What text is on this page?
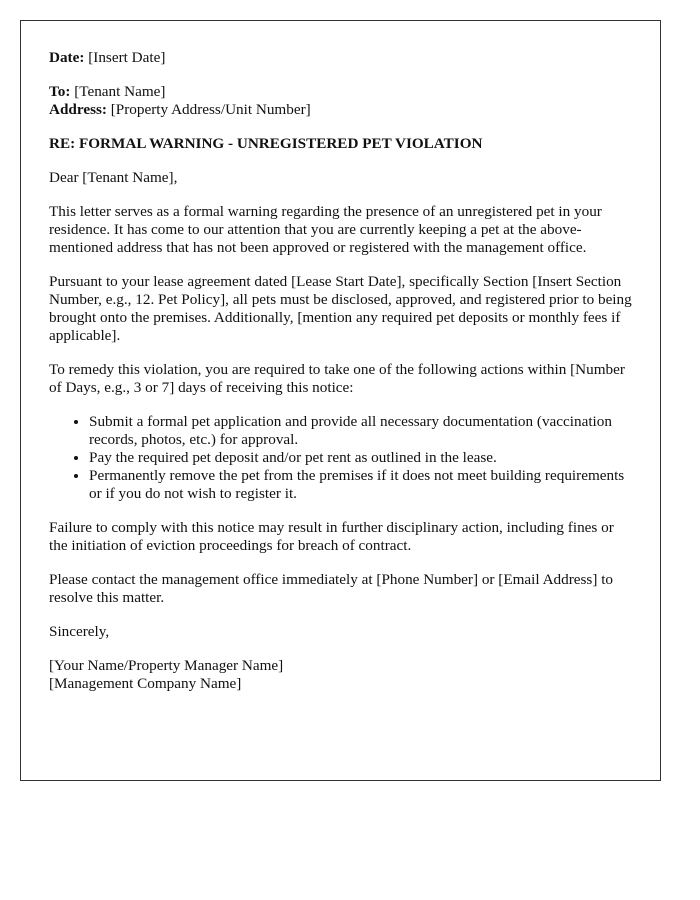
Date: [Insert Date]

To: [Tenant Name]

Address: [Property Address/Unit Number]

RE: FORMAL WARNING - UNREGISTERED PET VIOLATION

Dear [Tenant Name],

This letter serves as a formal warning regarding the presence of an unregistered pet in your residence. It has come to our attention that you are currently keeping a pet at the above-mentioned address that has not been approved or registered with the management office.

Pursuant to your lease agreement dated [Lease Start Date], specifically Section [Insert Section Number, e.g., 12. Pet Policy], all pets must be disclosed, approved, and registered prior to being brought onto the premises. Additionally, [mention any required pet deposits or monthly fees if applicable].

To remedy this violation, you are required to take one of the following actions within [Number of Days, e.g., 3 or 7] days of receiving this notice:

• Submit a formal pet application and provide all necessary documentation (vaccination records, photos, etc.) for approval.
• Pay the required pet deposit and/or pet rent as outlined in the lease.
• Permanently remove the pet from the premises if it does not meet building requirements or if you do not wish to register it.

Failure to comply with this notice may result in further disciplinary action, including fines or the initiation of eviction proceedings for breach of contract.

Please contact the management office immediately at [Phone Number] or [Email Address] to resolve this matter.

Sincerely,

[Your Name/Property Manager Name]

[Management Company Name]
